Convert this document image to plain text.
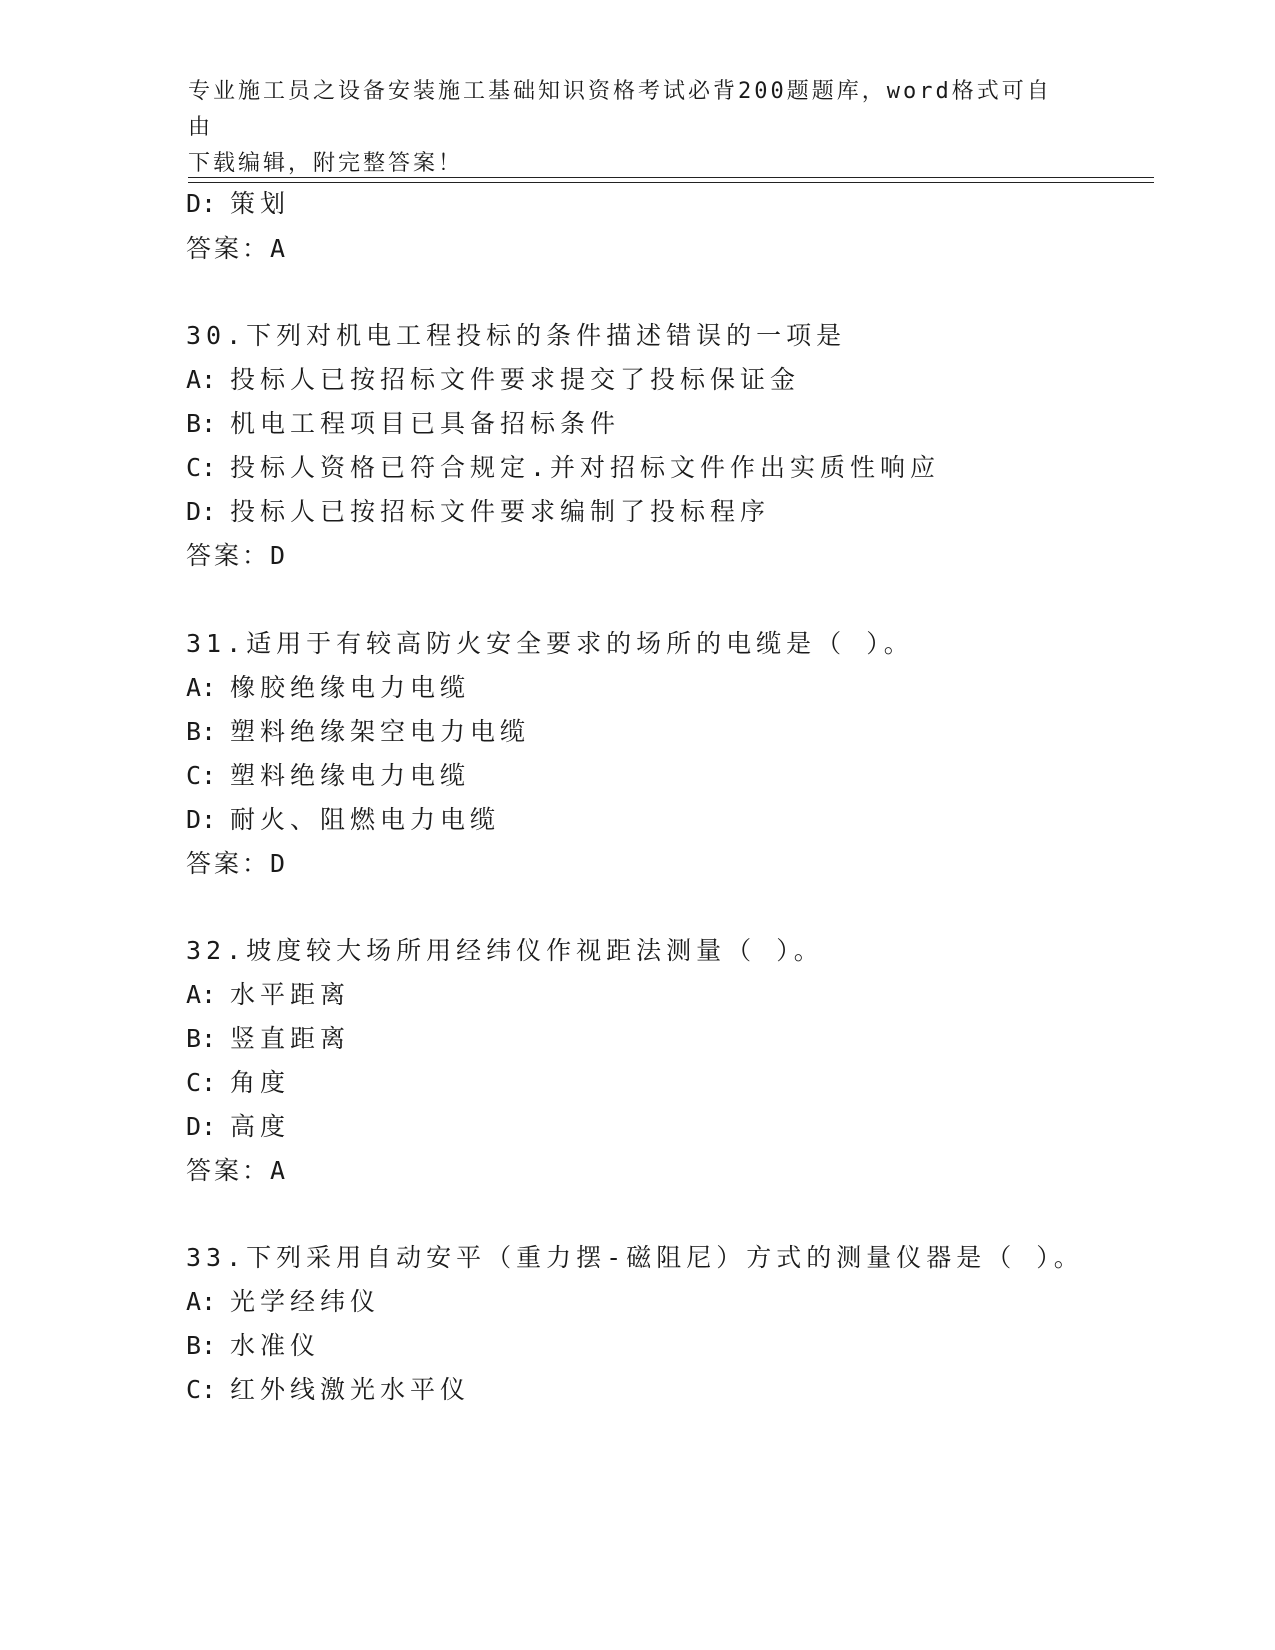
专业施工员之设备安装施工基础知识资格考试必背200题题库，word格式可自由
下载编辑，附完整答案！
D: 策划
答案：A
30.下列对机电工程投标的条件描述错误的一项是
A: 投标人已按招标文件要求提交了投标保证金
B: 机电工程项目已具备招标条件
C: 投标人资格已符合规定.并对招标文件作出实质性响应
D: 投标人已按招标文件要求编制了投标程序
答案：D
31.适用于有较高防火安全要求的场所的电缆是（ ）。
A: 橡胶绝缘电力电缆
B: 塑料绝缘架空电力电缆
C: 塑料绝缘电力电缆
D: 耐火、阻燃电力电缆
答案：D
32.坡度较大场所用经纬仪作视距法测量（ ）。
A: 水平距离
B: 竖直距离
C: 角度
D: 高度
答案：A
33.下列采用自动安平（重力摆-磁阻尼）方式的测量仪器是（ ）。
A: 光学经纬仪
B: 水准仪
C: 红外线激光水平仪
